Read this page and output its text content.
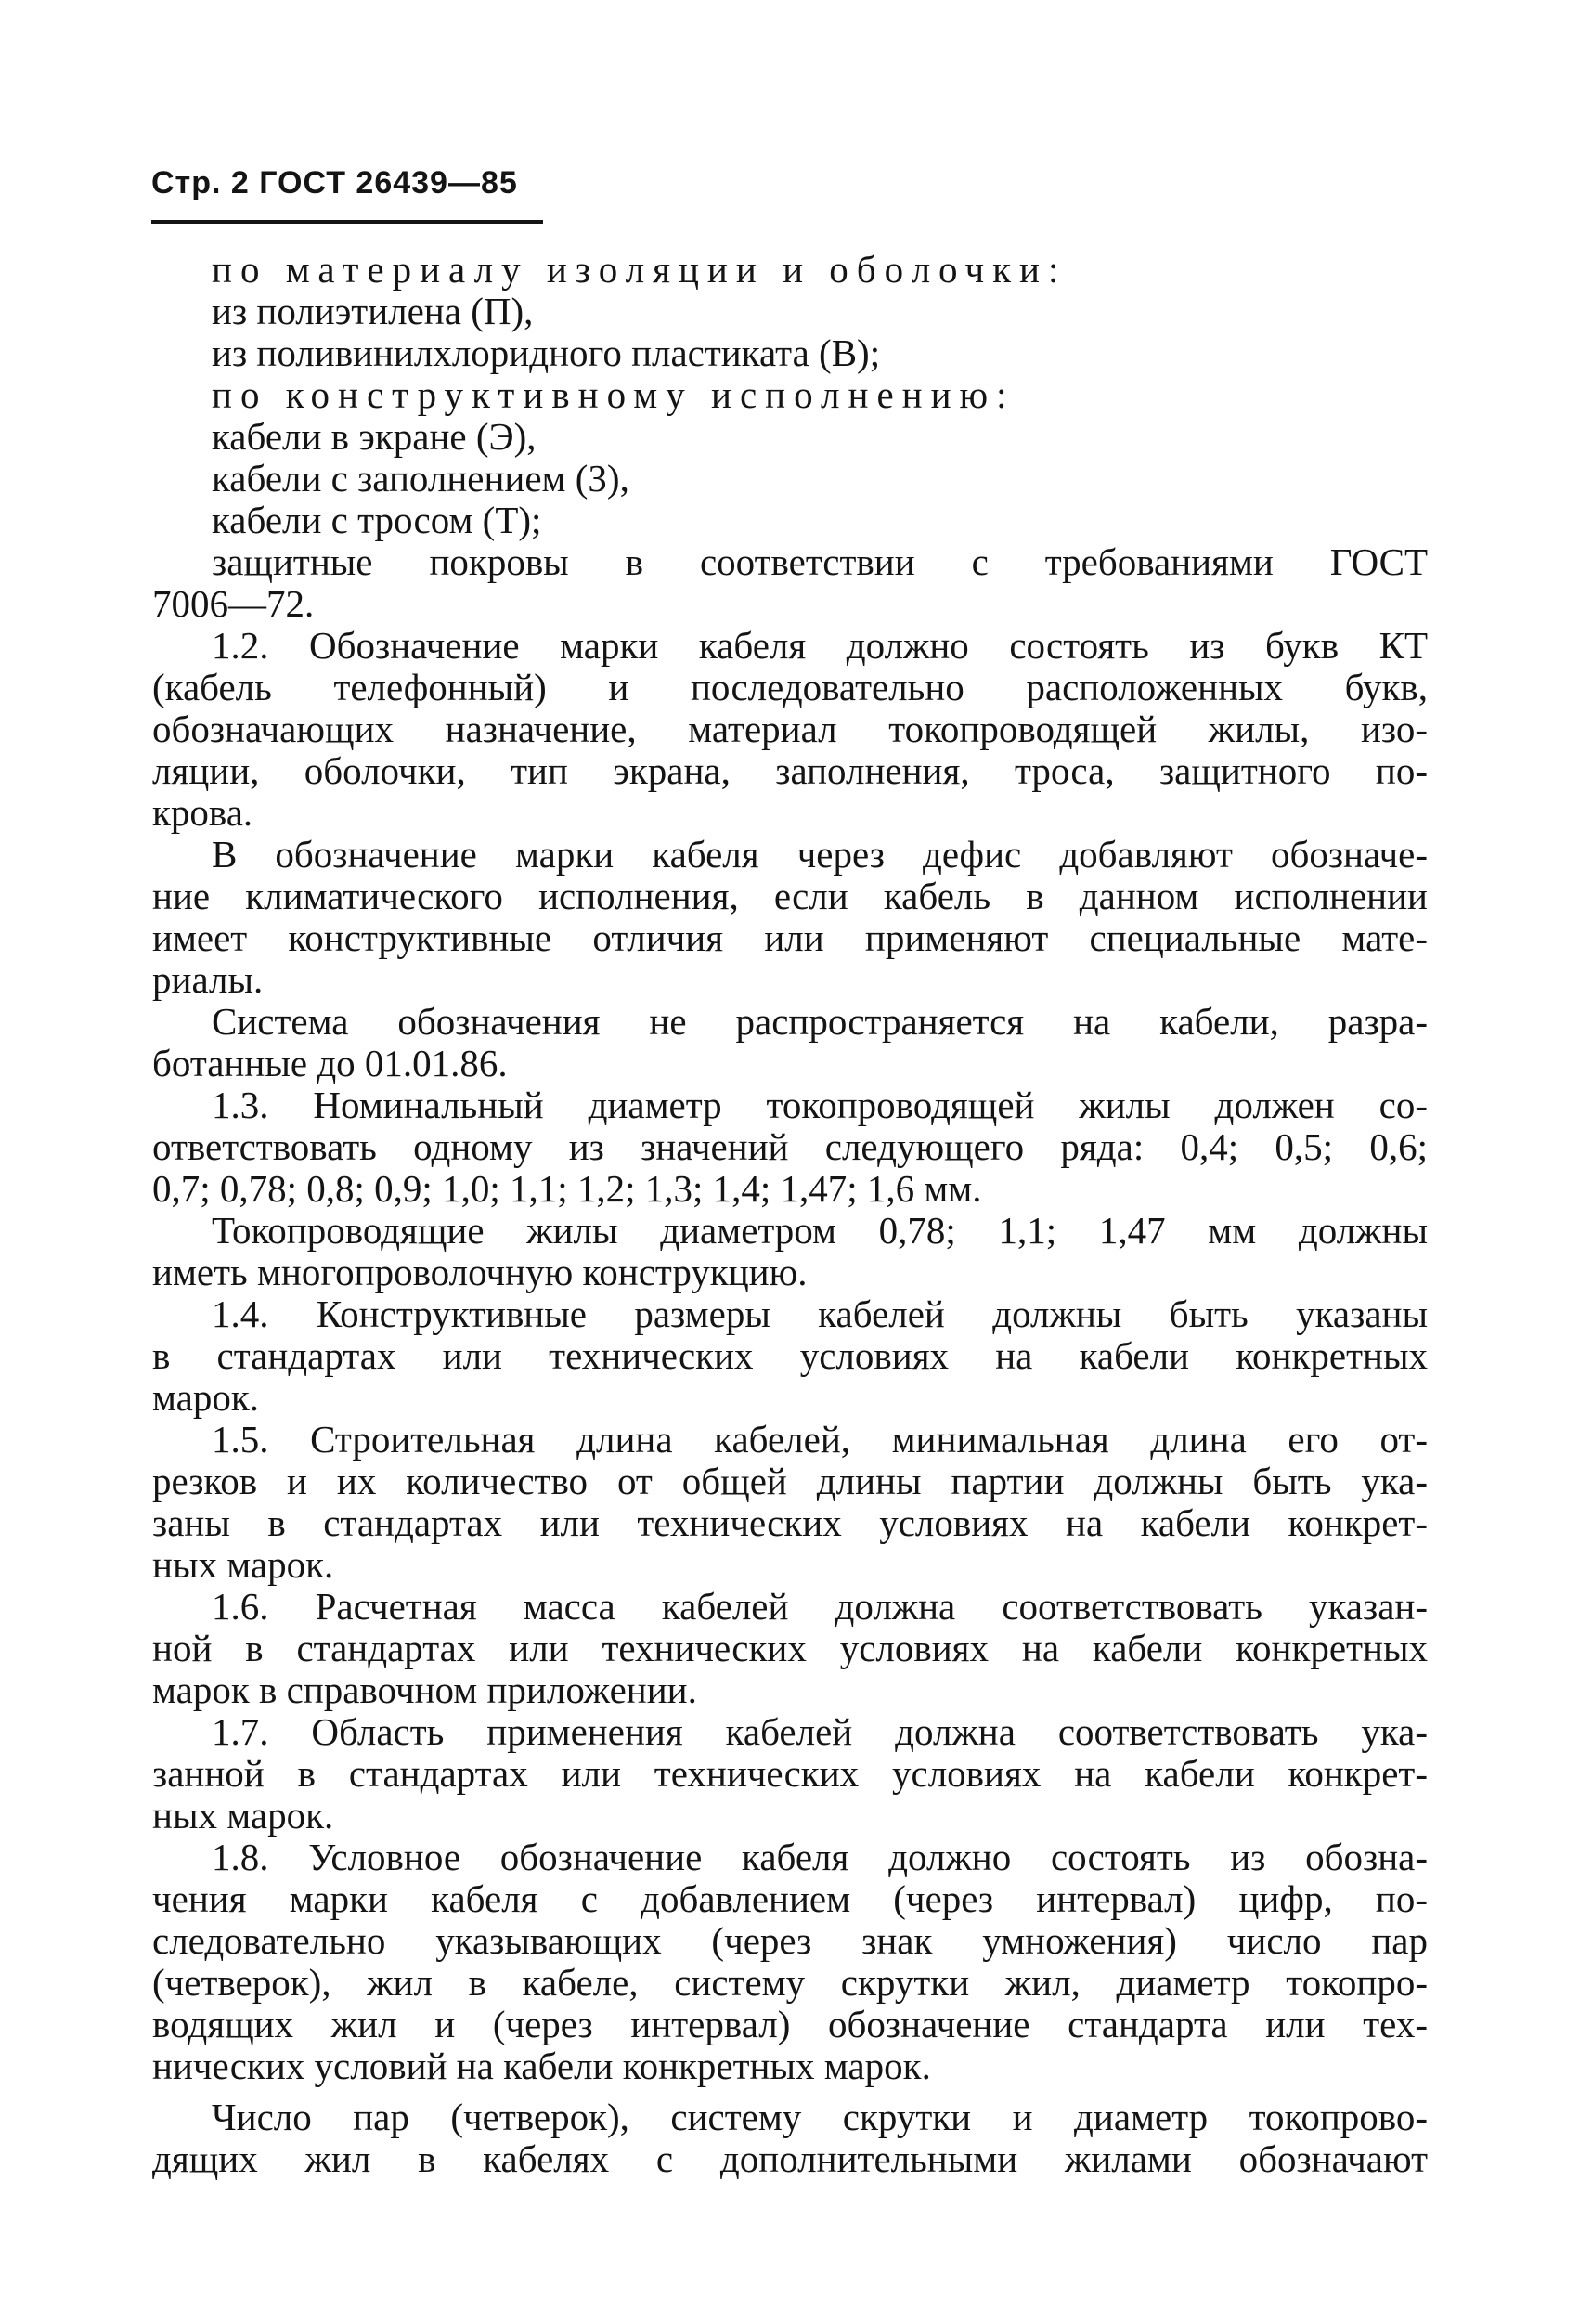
Стр. 2 ГОСТ 26439—85
по материалу изоляции и оболочки:
из полиэтилена (П),
из поливинилхлоридного пластиката (В);
по конструктивному исполнению:
кабели в экране (Э),
кабели с заполнением (З),
кабели с тросом (Т);
защитные покровы в соответствии с требованиями ГОСТ
7006—72.
1.2. Обозначение марки кабеля должно состоять из букв КТ
(кабель телефонный) и последовательно расположенных букв,
обозначающих назначение, материал токопроводящей жилы, изо-
ляции, оболочки, тип экрана, заполнения, троса, защитного по-
крова.
В обозначение марки кабеля через дефис добавляют обозначе-
ние климатического исполнения, если кабель в данном исполнении
имеет конструктивные отличия или применяют специальные мате-
риалы.
Система обозначения не распространяется на кабели, разра-
ботанные до 01.01.86.
1.3. Номинальный диаметр токопроводящей жилы должен со-
ответствовать одному из значений следующего ряда: 0,4; 0,5; 0,6;
0,7; 0,78; 0,8; 0,9; 1,0; 1,1; 1,2; 1,3; 1,4; 1,47; 1,6 мм.
Токопроводящие жилы диаметром 0,78; 1,1; 1,47 мм должны
иметь многопроволочную конструкцию.
1.4. Конструктивные размеры кабелей должны быть указаны
в стандартах или технических условиях на кабели конкретных
марок.
1.5. Строительная длина кабелей, минимальная длина его от-
резков и их количество от общей длины партии должны быть ука-
заны в стандартах или технических условиях на кабели конкрет-
ных марок.
1.6. Расчетная масса кабелей должна соответствовать указан-
ной в стандартах или технических условиях на кабели конкретных
марок в справочном приложении.
1.7. Область применения кабелей должна соответствовать ука-
занной в стандартах или технических условиях на кабели конкрет-
ных марок.
1.8. Условное обозначение кабеля должно состоять из обозна-
чения марки кабеля с добавлением (через интервал) цифр, по-
следовательно указывающих (через знак умножения) число пар
(четверок), жил в кабеле, систему скрутки жил, диаметр токопро-
водящих жил и (через интервал) обозначение стандарта или тех-
нических условий на кабели конкретных марок.
Число пар (четверок), систему скрутки и диаметр токопрово-
дящих жил в кабелях с дополнительными жилами обозначают
